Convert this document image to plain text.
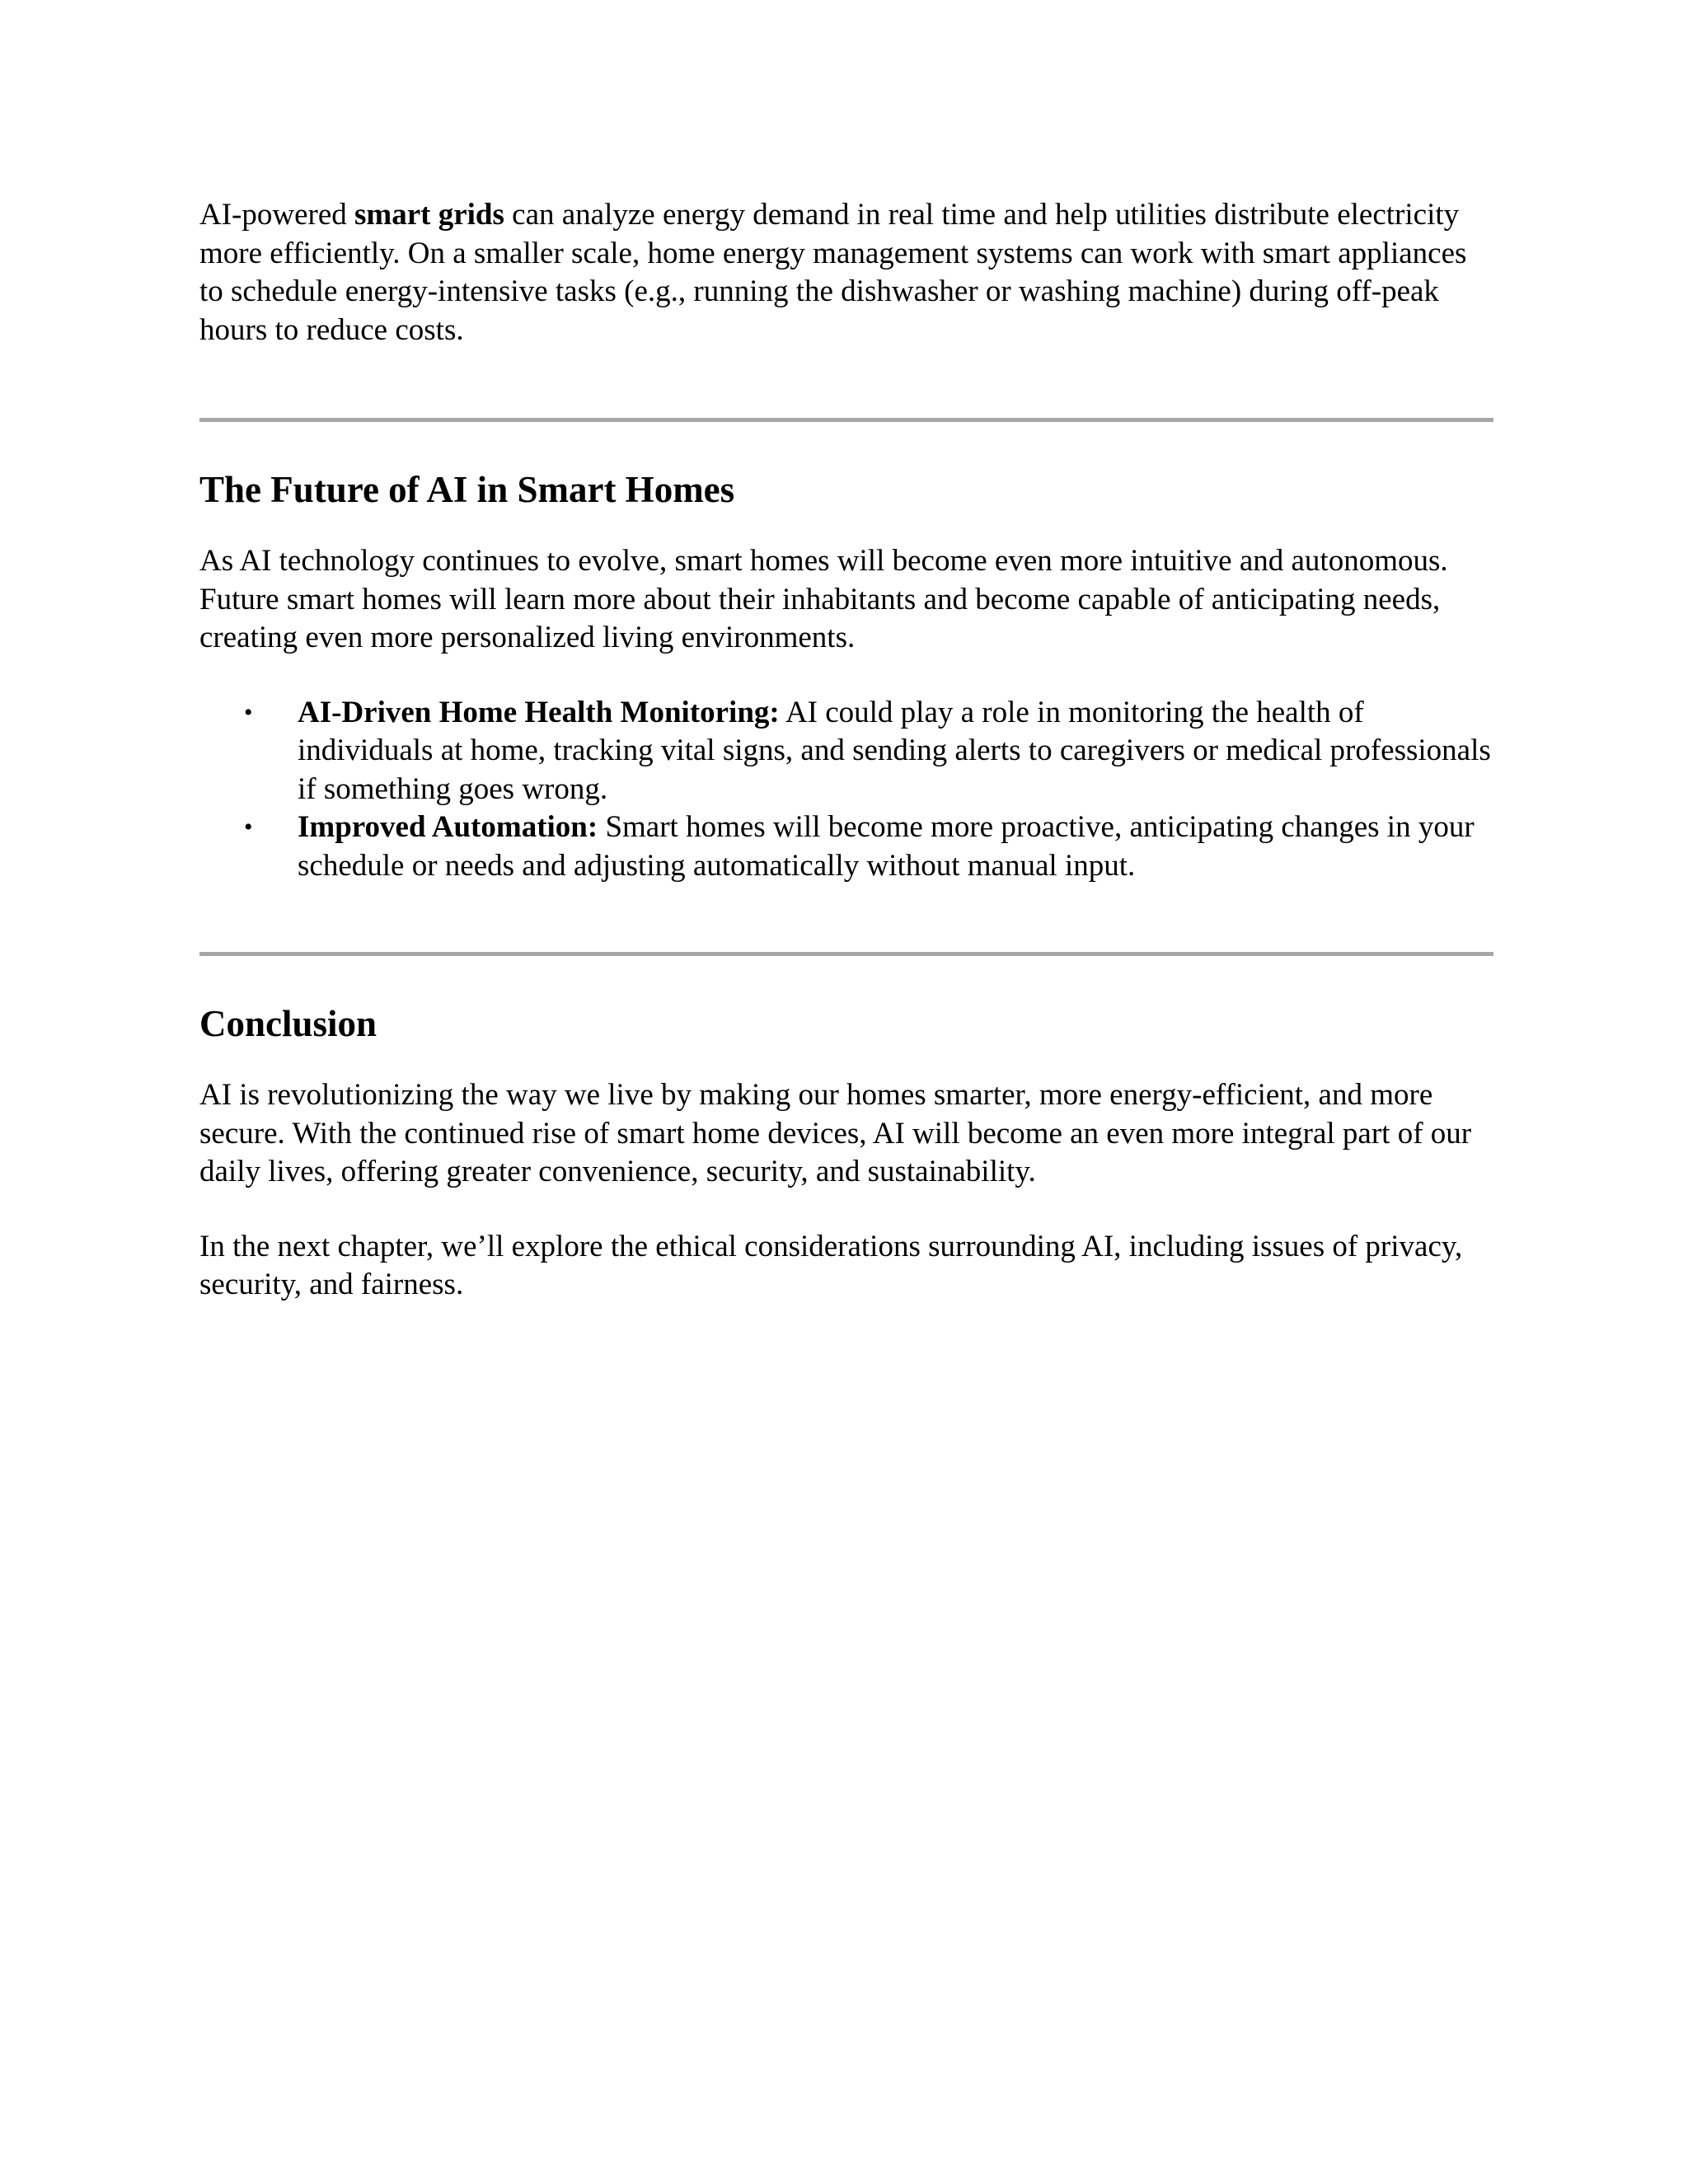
AI-powered smart grids can analyze energy demand in real time and help utilities distribute electricity more efficiently. On a smaller scale, home energy management systems can work with smart appliances to schedule energy-intensive tasks (e.g., running the dishwasher or washing machine) during off-peak hours to reduce costs.

The Future of AI in Smart Homes

As AI technology continues to evolve, smart homes will become even more intuitive and autonomous. Future smart homes will learn more about their inhabitants and become capable of anticipating needs, creating even more personalized living environments.

• AI-Driven Home Health Monitoring: AI could play a role in monitoring the health of individuals at home, tracking vital signs, and sending alerts to caregivers or medical professionals if something goes wrong.
• Improved Automation: Smart homes will become more proactive, anticipating changes in your schedule or needs and adjusting automatically without manual input.
Conclusion

AI is revolutionizing the way we live by making our homes smarter, more energy-efficient, and more secure. With the continued rise of smart home devices, AI will become an even more integral part of our daily lives, offering greater convenience, security, and sustainability.

In the next chapter, we’ll explore the ethical considerations surrounding AI, including issues of privacy, security, and fairness.
